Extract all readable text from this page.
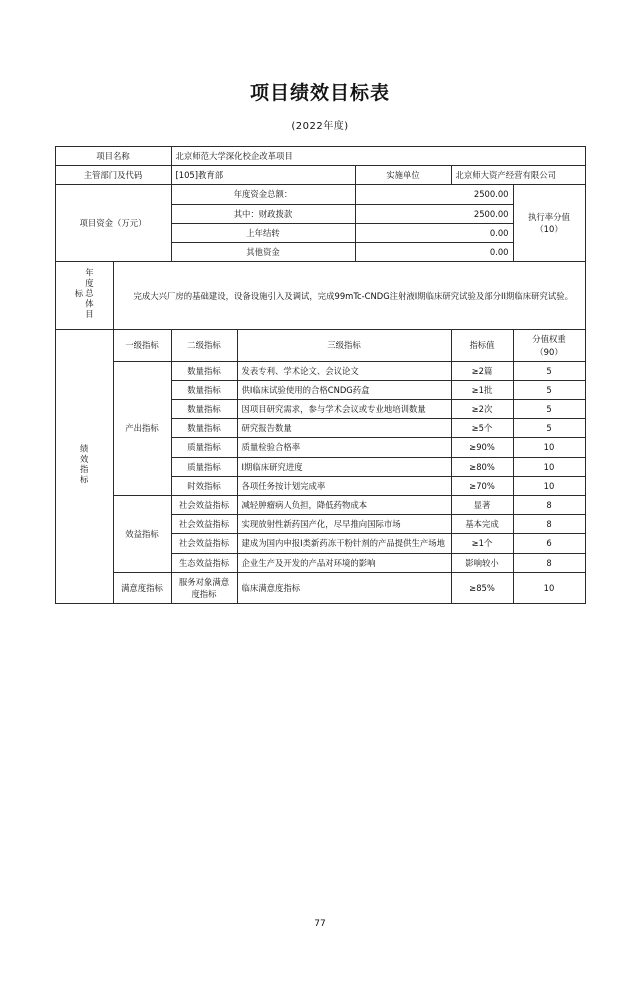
项目绩效目标表
(2022年度)
项目名称		北京师范大学深化校企改革项目				
主管部门及代码		[105]教育部		实施单位	北京师大资产经营有限公司	
项目资金（万元）		年度资金总额：		2500.00		执行率分值
（10）

		其中：财政拨款		2500.00		
		上年结转		0.00		
		其他资金		0.00		
年度总体目标	完成大兴厂房的基础建设，设备设施引入及调试，完成99mTc-CNDG注射液I期临床研究试验及部分II期临床研究试验。					
绩效指标	一级指标	二级指标	三级指标		指标值	分值权重
（90）

	产出指标	数量指标	发表专利、学术论文、会议论文		≥2篇	5
		数量指标	供I临床试验使用的合格CNDG药盒		≥1批	5
		数量指标	因项目研究需求，参与学术会议或专业地培训数量		≥2次	5
		数量指标	研究报告数量		≥5个	5
		质量指标	质量检验合格率		≥90%	10
		质量指标	I期临床研究进度		≥80%	10
		时效指标	各项任务按计划完成率		≥70%	10
	效益指标	社会效益指标	减轻肿瘤病人负担，降低药物成本		显著	8
		社会效益指标	实现放射性新药国产化，尽早推向国际市场		基本完成	8
		社会效益指标	建成为国内申报I类新药冻干粉针剂的产品提供生产场地		≥1个	6
		生态效益指标	企业生产及开发的产品对环境的影响		影响较小	8
	满意度指标	服务对象满意度指标	临床满意度指标		≥85%	10
77
